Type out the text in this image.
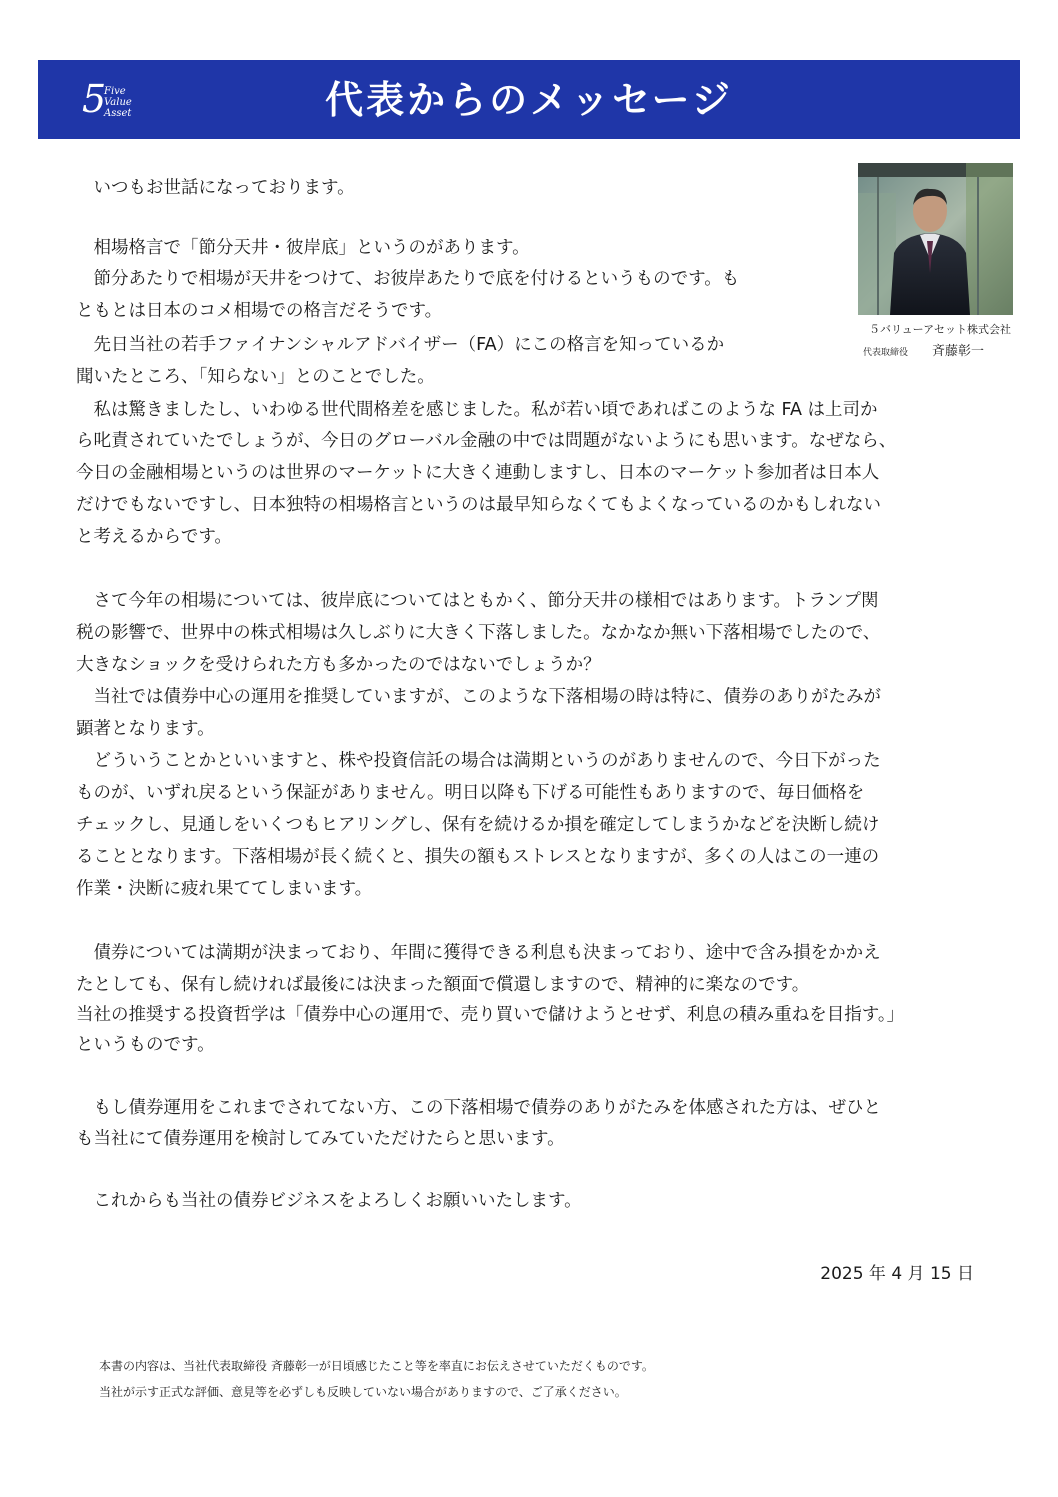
5
Five
Value
Asset	代表からのメッセージ
５バリューアセット株式会社
代表取締役 斉藤彰一
　いつもお世話になっております。
　相場格言で「節分天井・彼岸底」というのがあります。
　節分あたりで相場が天井をつけて、お彼岸あたりで底を付けるというものです。も
ともとは日本のコメ相場での格言だそうです。
　先日当社の若手ファイナンシャルアドバイザー（FA）にこの格言を知っているか
聞いたところ、「知らない」とのことでした。
　私は驚きましたし、いわゆる世代間格差を感じました。私が若い頃であればこのような FA は上司か
ら叱責されていたでしょうが、今日のグローバル金融の中では問題がないようにも思います。なぜなら、
今日の金融相場というのは世界のマーケットに大きく連動しますし、日本のマーケット参加者は日本人
だけでもないですし、日本独特の相場格言というのは最早知らなくてもよくなっているのかもしれない
と考えるからです。
　さて今年の相場については、彼岸底についてはともかく、節分天井の様相ではあります。トランプ関
税の影響で、世界中の株式相場は久しぶりに大きく下落しました。なかなか無い下落相場でしたので、
大きなショックを受けられた方も多かったのではないでしょうか？
　当社では債券中心の運用を推奨していますが、このような下落相場の時は特に、債券のありがたみが
顕著となります。
　どういうことかといいますと、株や投資信託の場合は満期というのがありませんので、今日下がった
ものが、いずれ戻るという保証がありません。明日以降も下げる可能性もありますので、毎日価格を
チェックし、見通しをいくつもヒアリングし、保有を続けるか損を確定してしまうかなどを決断し続け
ることとなります。下落相場が長く続くと、損失の額もストレスとなりますが、多くの人はこの一連の
作業・決断に疲れ果ててしまいます。
　債券については満期が決まっており、年間に獲得できる利息も決まっており、途中で含み損をかかえ
たとしても、保有し続ければ最後には決まった額面で償還しますので、精神的に楽なのです。
当社の推奨する投資哲学は「債券中心の運用で、売り買いで儲けようとせず、利息の積み重ねを目指す。」
というものです。
　もし債券運用をこれまでされてない方、この下落相場で債券のありがたみを体感された方は、ぜひと
も当社にて債券運用を検討してみていただけたらと思います。
　これからも当社の債券ビジネスをよろしくお願いいたします。
2025 年 4 月 15 日
本書の内容は、当社代表取締役 斉藤彰一が日頃感じたこと等を率直にお伝えさせていただくものです。
当社が示す正式な評価、意見等を必ずしも反映していない場合がありますので、ご了承ください。
